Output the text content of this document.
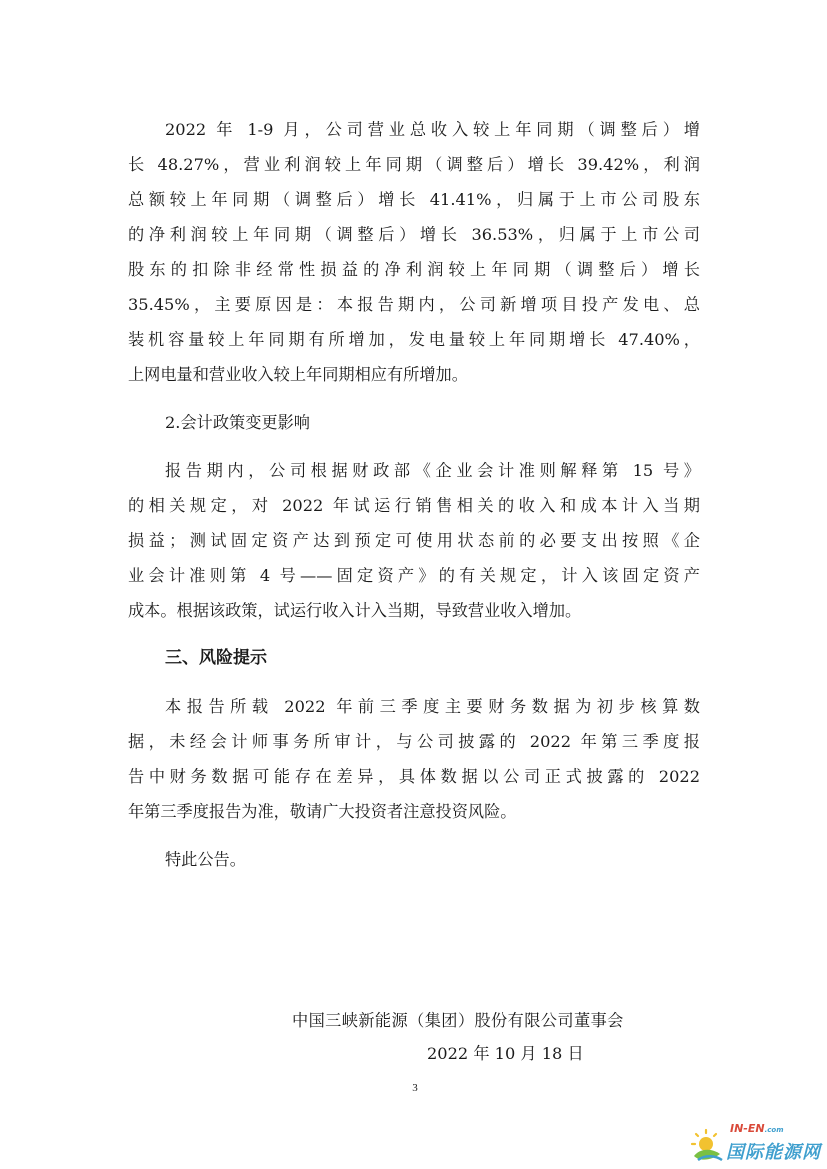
2022 年 1-9 月，公司营业总收入较上年同期（调整后）增
长 48.27%，营业利润较上年同期（调整后）增长 39.42%，利润
总额较上年同期（调整后）增长 41.41%，归属于上市公司股东
的净利润较上年同期（调整后）增长 36.53%，归属于上市公司
股东的扣除非经常性损益的净利润较上年同期（调整后）增长
35.45%，主要原因是：本报告期内，公司新增项目投产发电、总
装机容量较上年同期有所增加，发电量较上年同期增长 47.40%，
上网电量和营业收入较上年同期相应有所增加。
2.会计政策变更影响
报告期内，公司根据财政部《企业会计准则解释第 15 号》
的相关规定，对 2022 年试运行销售相关的收入和成本计入当期
损益；测试固定资产达到预定可使用状态前的必要支出按照《企
业会计准则第 4 号——固定资产》的有关规定，计入该固定资产
成本。根据该政策，试运行收入计入当期，导致营业收入增加。
三、风险提示
本报告所载 2022 年前三季度主要财务数据为初步核算数
据，未经会计师事务所审计，与公司披露的 2022 年第三季度报
告中财务数据可能存在差异，具体数据以公司正式披露的 2022
年第三季度报告为准，敬请广大投资者注意投资风险。
特此公告。
中国三峡新能源（集团）股份有限公司董事会
2022 年 10 月 18 日
3
IN-EN.com
国际能源网
